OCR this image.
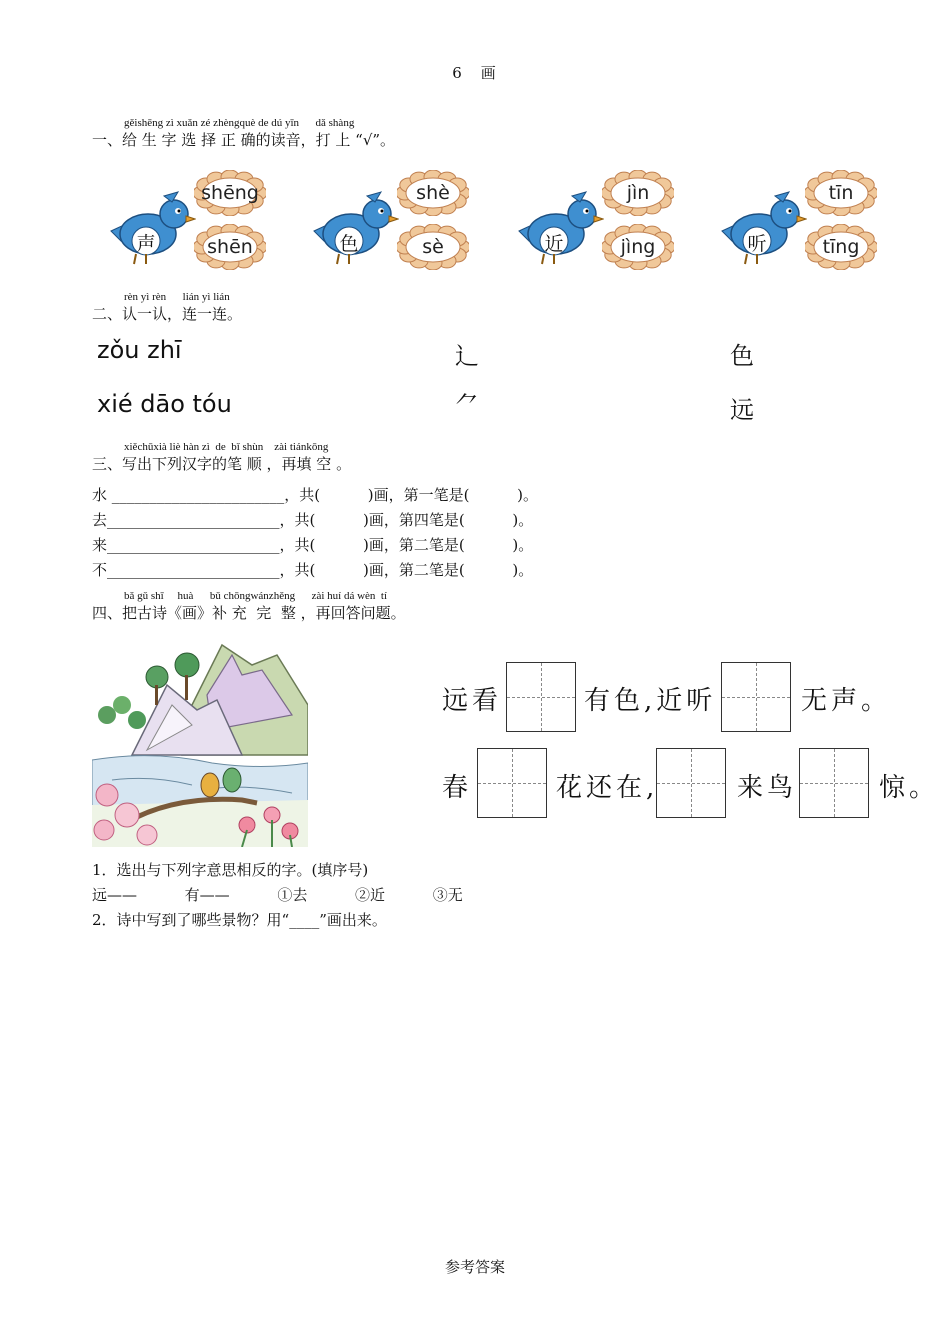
6　画
gěishēng zì xuǎn zé zhèngquè de dú yīn      dǎ shàng
一、给 生 字 选 择 正 确的读音，打 上 “√”。
声
shēng
shēn	色
shè
sè	近
jìn
jìng	听
tīn
tīng
rèn yì rèn      lián yì lián
二、认一认，连一连。
zǒu zhī
xié dāo tóu
辶
⺈
色
远
xiěchūxià liè hàn zì  de  bǐ shùn    zài tiánkōng
三、写出下列汉字的笔 顺 ，再填 空 。
水 _______________________，共(          )画，第一笔是(          )。
去_______________________，共(          )画，第四笔是(          )。
来_______________________，共(          )画，第二笔是(          )。
不_______________________，共(          )画，第二笔是(          )。
bǎ gǔ shī     huà      bǔ chōngwánzhěng      zài huí dá wèn  tí
四、把古诗《画》补 充  完  整 ，再回答问题。
远看	有色,近听	无声。
春	花还在,	来鸟	惊。
1．选出与下列字意思相反的字。(填序号)
远——          有——          ①去          ②近          ③无
2．诗中写到了哪些景物？用“____”画出来。
参考答案
